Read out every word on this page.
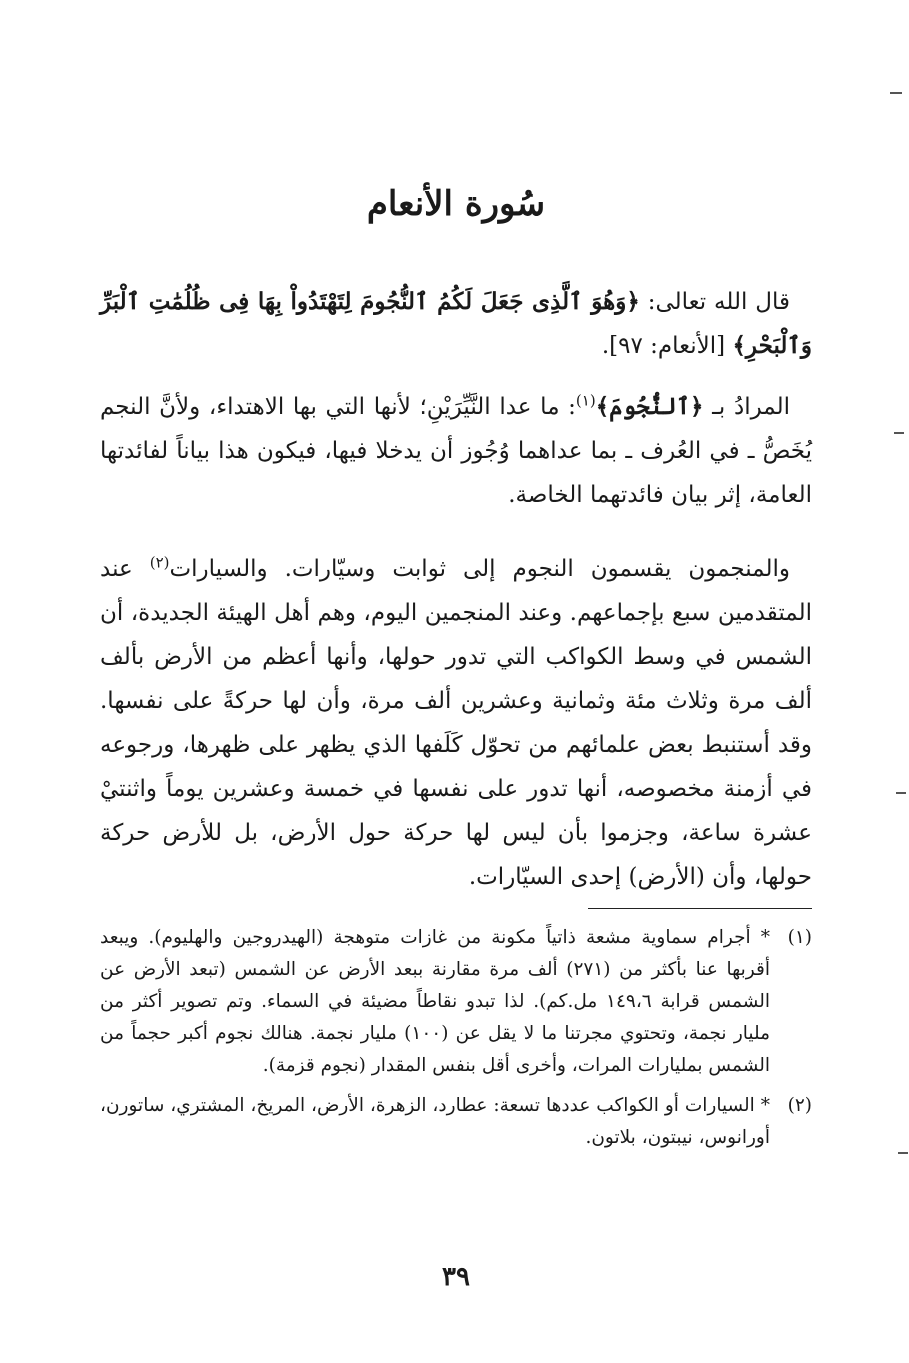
سُورة الأنعام

قال الله تعالى: ﴿وَهُوَ ٱلَّذِى جَعَلَ لَكُمُ ٱلنُّجُومَ لِتَهْتَدُواْ بِهَا فِى ظُلُمَٰتِ ٱلْبَرِّ وَٱلْبَحْرِ﴾ [الأنعام: ٩٧].

المرادُ بـ ﴿ٱلنُّجُومَ﴾$^{(١)}$: ما عدا النَّيِّرَيْنِ؛ لأنها التي بها الاهتداء، ولأنَّ النجم يُخَصُّ ـ في العُرف ـ بما عداهما وُجُوز أن يدخلا فيها، فيكون هذا بياناً لفائدتها العامة، إثر بيان فائدتهما الخاصة.

والمنجمون يقسمون النجوم إلى ثوابت وسيّارات. والسيارات$^{(٢)}$ عند المتقدمين سبع بإجماعهم. وعند المنجمين اليوم، وهم أهل الهيئة الجديدة، أن الشمس في وسط الكواكب التي تدور حولها، وأنها أعظم من الأرض بألف ألف مرة وثلاث مئة وثمانية وعشرين ألف مرة، وأن لها حركةً على نفسها. وقد أستنبط بعض علمائهم من تحوّل كَلَفها الذي يظهر على ظهرها، ورجوعه في أزمنة مخصوصه، أنها تدور على نفسها في خمسة وعشرين يوماً واثنتيْ عشرة ساعة، وجزموا بأن ليس لها حركة حول الأرض، بل للأرض حركة حولها، وأن (الأرض) إحدى السيّارات.

(١)
* أجرام سماوية مشعة ذاتياً مكونة من غازات متوهجة (الهيدروجين والهليوم). ويبعد أقربها عنا بأكثر من (٢٧١) ألف مرة مقارنة ببعد الأرض عن الشمس (تبعد الأرض عن الشمس قرابة ١٤٩،٦ مل.كم). لذا تبدو نقاطاً مضيئة في السماء. وتم تصوير أكثر من مليار نجمة، وتحتوي مجرتنا ما لا يقل عن (١٠٠) مليار نجمة. هنالك نجوم أكبر حجماً من الشمس بمليارات المرات، وأخرى أقل بنفس المقدار (نجوم قزمة).
(٢)
* السيارات أو الكواكب عددها تسعة: عطارد، الزهرة، الأرض، المريخ، المشتري، ساتورن، أورانوس، نيبتون، بلاتون.
٣٩
